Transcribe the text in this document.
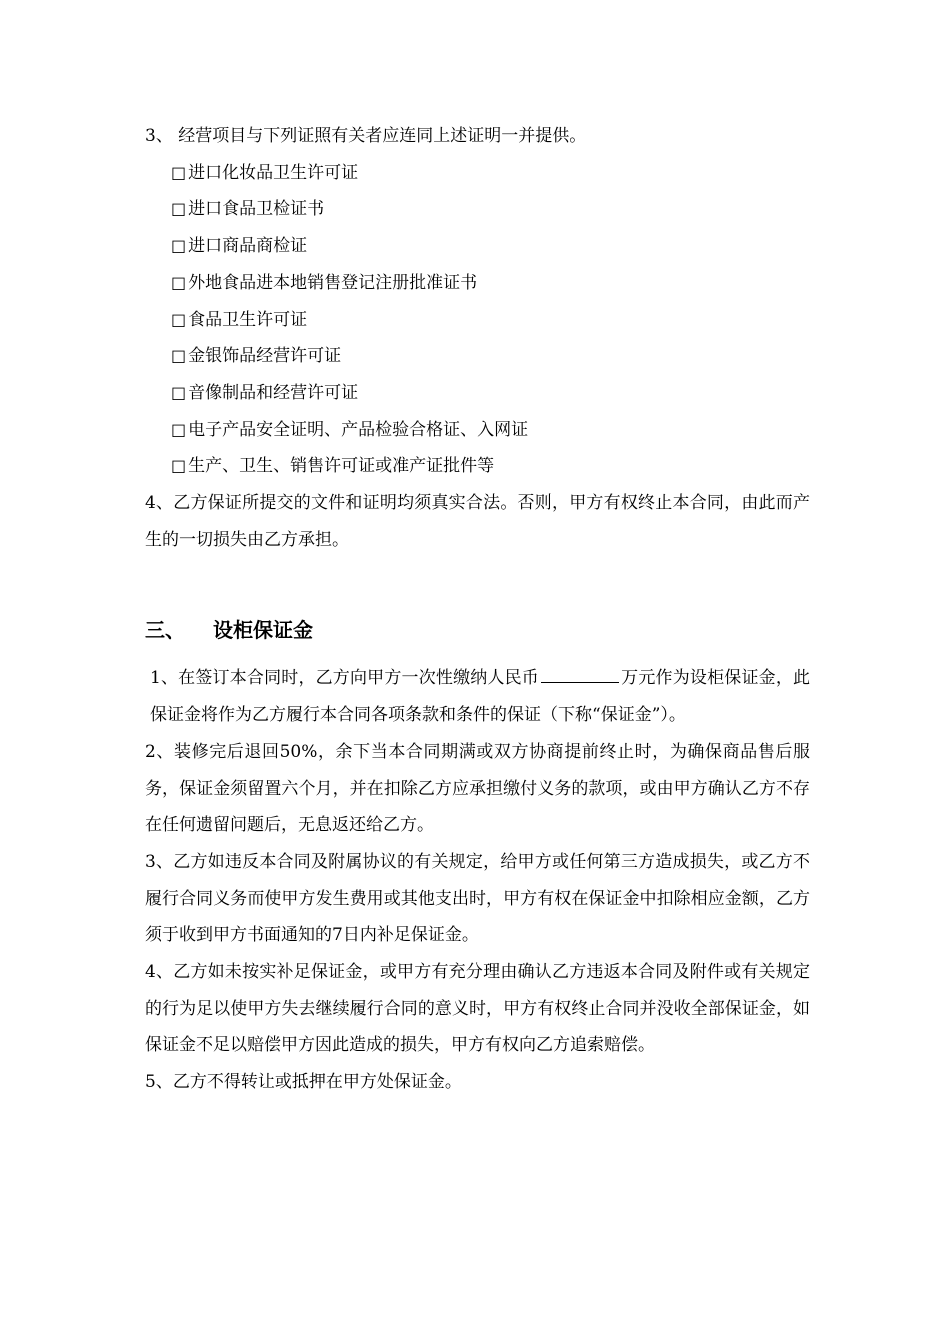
3、 经营项目与下列证照有关者应连同上述证明一并提供。

□ 进口化妆品卫生许可证

□ 进口食品卫检证书

□ 进口商品商检证

□ 外地食品进本地销售登记注册批准证书

□ 食品卫生许可证

□ 金银饰品经营许可证

□ 音像制品和经营许可证

□ 电子产品安全证明、产品检验合格证、入网证

□ 生产、卫生、销售许可证或准产证批件等

4、乙方保证所提交的文件和证明均须真实合法。否则，甲方有权终止本合同，由此而产生的一切损失由乙方承担。

三、 设柜保证金

1、在签订本合同时，乙方向甲方一次性缴纳人民币	万元作为设柜保证金，此保证金将作为乙方履行本合同各项条款和条件的保证（下称“保证金”）。

2、装修完后退回50%，余下当本合同期满或双方协商提前终止时，为确保商品售后服务，保证金须留置六个月，并在扣除乙方应承担缴付义务的款项，或由甲方确认乙方不存在任何遗留问题后，无息返还给乙方。

3、乙方如违反本合同及附属协议的有关规定，给甲方或任何第三方造成损失，或乙方不履行合同义务而使甲方发生费用或其他支出时，甲方有权在保证金中扣除相应金额，乙方须于收到甲方书面通知的7日内补足保证金。

4、乙方如未按实补足保证金，或甲方有充分理由确认乙方违返本合同及附件或有关规定的行为足以使甲方失去继续履行合同的意义时，甲方有权终止合同并没收全部保证金，如保证金不足以赔偿甲方因此造成的损失，甲方有权向乙方追索赔偿。

5、乙方不得转让或抵押在甲方处保证金。
